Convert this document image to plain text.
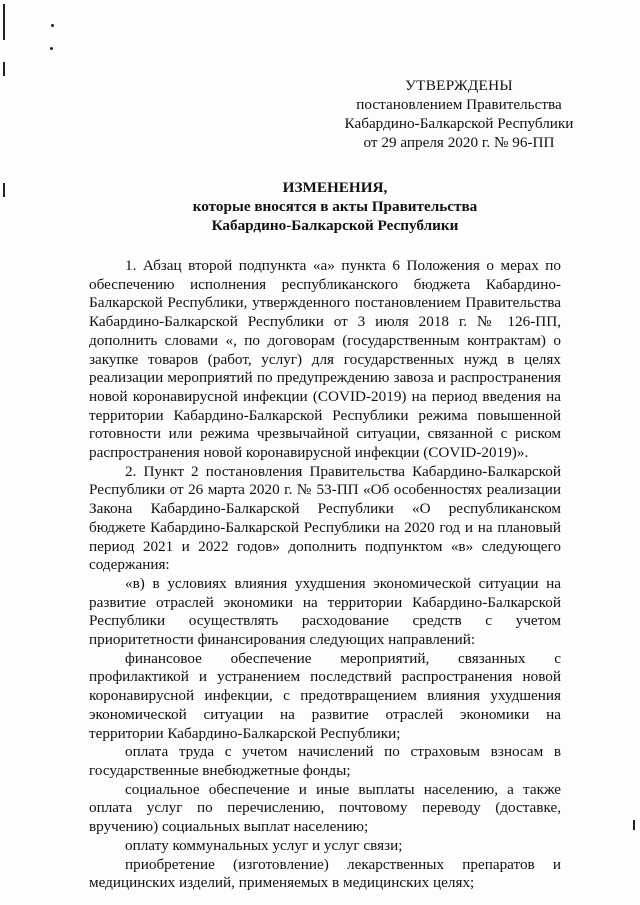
УТВЕРЖДЕНЫ
постановлением Правительства
Кабардино-Балкарской Республики
от 29 апреля 2020 г. № 96-ПП
ИЗМЕНЕНИЯ,
которые вносятся в акты Правительства
Кабардино-Балкарской Республики

1. Абзац второй подпункта «а» пункта 6 Положения о мерах по обеспечению исполнения республиканского бюджета Кабардино-Балкарской Республики, утвержденного постановлением Правительства Кабардино-Балкарской Республики от 3 июля 2018 г. № 126-ПП, дополнить словами «, по договорам (государственным контрактам) о закупке товаров (работ, услуг) для государственных нужд в целях реализации мероприятий по предупреждению завоза и распространения новой коронавирусной инфекции (COVID-2019) на период введения на территории Кабардино-Балкарской Республики режима повышенной готовности или режима чрезвычайной ситуации, связанной с риском распространения новой коронавирусной инфекции (COVID-2019)».

2. Пункт 2 постановления Правительства Кабардино-Балкарской Республики от 26 марта 2020 г. № 53-ПП «Об особенностях реализации Закона Кабардино-Балкарской Республики «О республиканском бюджете Кабардино-Балкарской Республики на 2020 год и на плановый период 2021 и 2022 годов» дополнить подпунктом «в» следующего содержания:

«в) в условиях влияния ухудшения экономической ситуации на развитие отраслей экономики на территории Кабардино-Балкарской Республики осуществлять расходование средств с учетом приоритетности финансирования следующих направлений:

финансовое обеспечение мероприятий, связанных с профилактикой и устранением последствий распространения новой коронавирусной инфекции, с предотвращением влияния ухудшения экономической ситуации на развитие отраслей экономики на территории Кабардино-Балкарской Республики;

оплата труда с учетом начислений по страховым взносам в государственные внебюджетные фонды;

социальное обеспечение и иные выплаты населению, а также оплата услуг по перечислению, почтовому переводу (доставке, вручению) социальных выплат населению;

оплату коммунальных услуг и услуг связи;

приобретение (изготовление) лекарственных препаратов и медицинских изделий, применяемых в медицинских целях;
